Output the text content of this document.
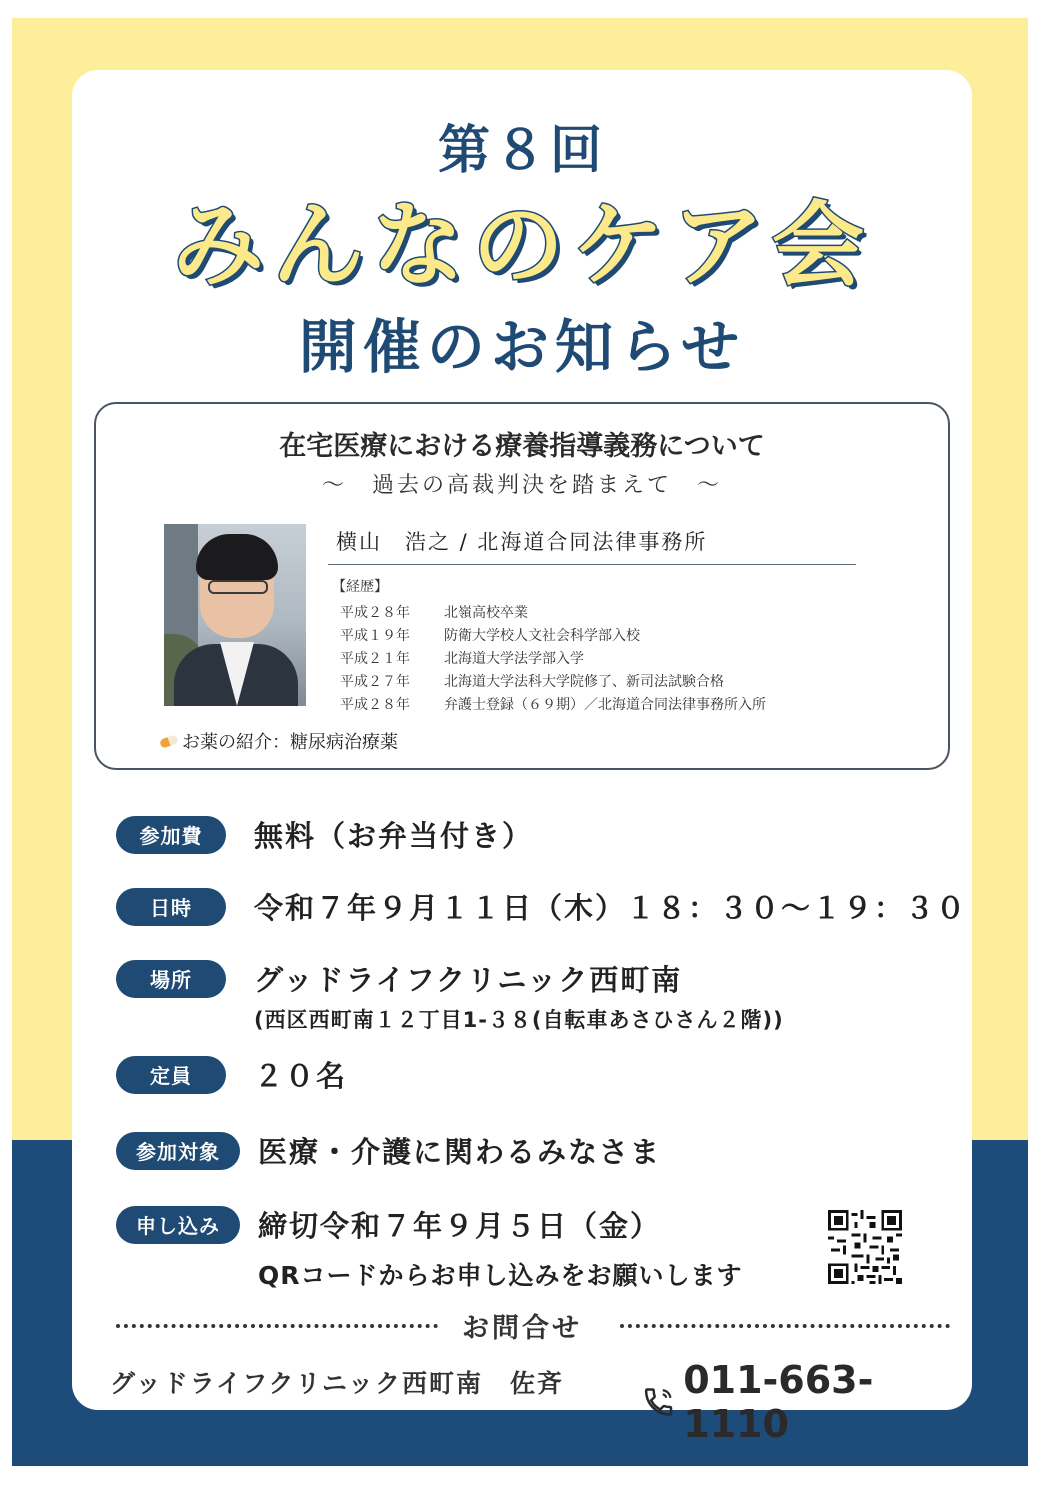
第８回
みんなのケア会
開催のお知らせ
在宅医療における療養指導義務について
〜　過去の高裁判決を踏まえて　〜
横山　浩之 / 北海道合同法律事務所
【経歴】
平成２８年	北嶺高校卒業
平成１９年	防衛大学校人文社会科学部入校
平成２１年	北海道大学法学部入学
平成２７年	北海道大学法科大学院修了、新司法試験合格
平成２８年	弁護士登録（６９期）／北海道合同法律事務所入所
お薬の紹介：糖尿病治療薬
参加費	無料（お弁当付き）
日時	令和７年９月１１日（木）１８：３０〜１９：３０
場所	グッドライフクリニック西町南
(西区西町南１２丁目1-３８(自転車あさひさん２階))
定員	２０名
参加対象	医療・介護に関わるみなさま
申し込み	締切令和７年９月５日（金）
QRコードからお申し込みをお願いします
お問合せ
グッドライフクリニック西町南　佐斉	011-663-1110
